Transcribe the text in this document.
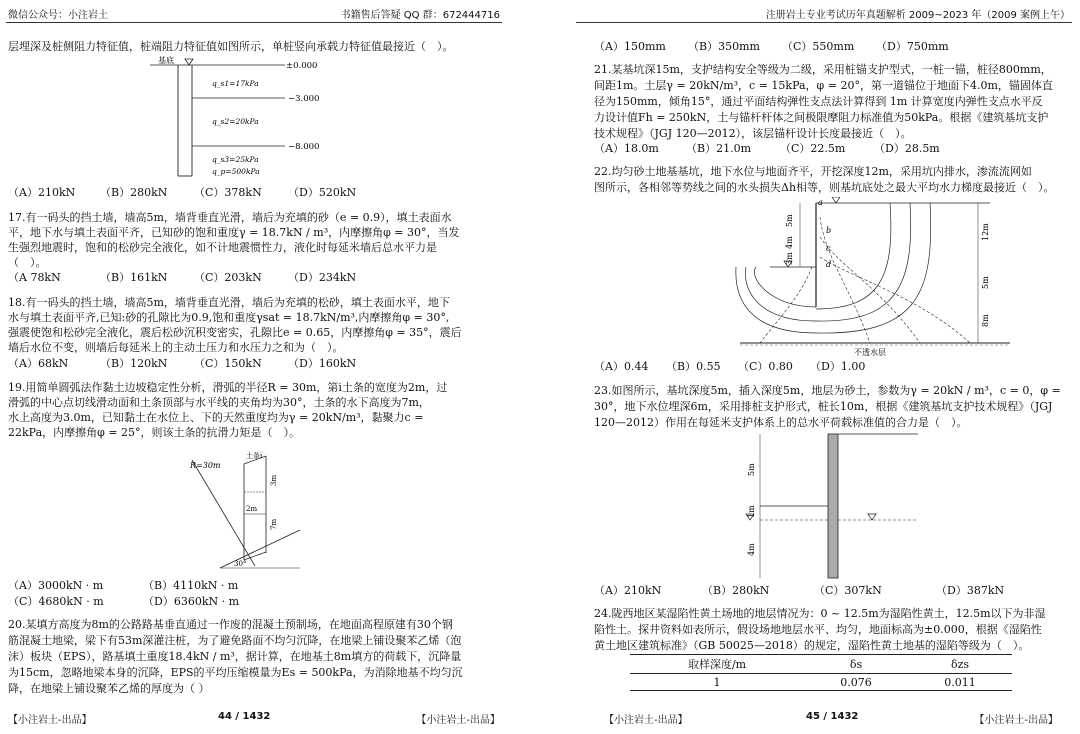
微信公众号：小注岩土	书籍售后答疑 QQ 群：672444716
层埋深及桩侧阻力特征值，桩端阻力特征值如图所示，单桩竖向承载力特征值最接近（　）。
基底
±0.000
−3.000
−8.000
q_s1=17kPa
q_s2=20kPa
q_s3=25kPa
q_p=500kPa
（A）210kN （B）280kN （C）378kN （D）520kN
17.有一码头的挡土墙，墙高5m，墙背垂直光滑，墙后为充填的砂（e = 0.9），填土表面水
平，地下水与填土表面平齐，已知砂的饱和重度γ = 18.7kN / m³，内摩擦角φ = 30°，当发
生强烈地震时，饱和的松砂完全液化，如不计地震惯性力，液化时每延米墙后总水平力是
（　）。
（A 78kN	（B）161kN （C）203kN （D）234kN
18.有一码头的挡土墙，墙高5m，墙背垂直光滑，墙后为充填的松砂，填土表面水平，地下
水与填土表面平齐,已知:砂的孔隙比为0.9,饱和重度γsat = 18.7kN/m³,内摩擦角φ = 30°,
强震使饱和松砂完全液化，震后松砂沉积变密实，孔隙比e = 0.65，内摩擦角φ = 35°，震后
墙后水位不变，则墙后每延米上的主动土压力和水压力之和为（　）。
（A）68kN	（B）120kN （C）150kN （D）160kN
19.用简单圆弧法作黏土边坡稳定性分析，滑弧的半径R = 30m，第i土条的宽度为2m，过
滑弧的中心点切线滑动面和土条顶部与水平线的夹角均为30°，土条的水下高度为7m，
水上高度为3.0m，已知黏土在水位上、下的天然重度均为γ = 20kN/m³，黏聚力c =
22kPa，内摩擦角φ = 25°，则该土条的抗滑力矩是（　）。
R=30m
土条i
3m
7m
2m
30°
（A）3000kN · m	（B）4110kN · m
（C）4680kN · m	（D）6360kN · m
20.某填方高度为8m的公路路基垂直通过一作废的混凝土预制场，在地面高程原建有30个钢
筋混凝土地梁，梁下有53m深灌注桩，为了避免路面不均匀沉降，在地梁上铺设聚苯乙烯（泡
沫）板块（EPS），路基填土重度18.4kN / m³，据计算，在地基土8m填方的荷载下，沉降量
为15cm，忽略地梁本身的沉降，EPS的平均压缩模量为Es = 500kPa，为消除地基不均匀沉
降，在地梁上铺设聚苯乙烯的厚度为（ ）
【小注岩土-出品】	44 / 1432	【小注岩土-出品】
注册岩土专业考试历年真题解析 2009~2023 年（2009 案例上午）
（A）150mm （B）350mm （C）550mm （D）750mm
21.某基坑深15m，支护结构安全等级为二级，采用桩锚支护型式，一桩一锚，桩径800mm，
间距1m。土层γ = 20kN/m³，c = 15kPa，φ = 20°，第一道锚位于地面下4.0m，锚固体直
径为150mm，倾角15°，通过平面结构弹性支点法计算得到 1m 计算宽度内弹性支点水平反
力设计值Fh = 250kN，土与锚杆杆体之间极限摩阻力标准值为50kPa。根据《建筑基坑支护
技术规程》（JGJ 120—2012），该层锚杆设计长度最接近（　）。
（A）18.0m （B）21.0m	（C）22.5m	（D）28.5m
22.均匀砂土地基基坑，地下水位与地面齐平，开挖深度12m，采用坑内排水，渗流流网如
图所示，各相邻等势线之间的水头损失Δh相等，则基坑底处之最大平均水力梯度最接近（　）。
a
b
c
d
5m
4m
3m
12m
5m
8m
不透水层
（A）0.44 （B）0.55 （C）0.80 （D）1.00
23.如图所示，基坑深度5m，插入深度5m，地层为砂土，参数为γ = 20kN / m³，c = 0，φ =
30°，地下水位埋深6m，采用排桩支护形式，桩长10m，根据《建筑基坑支护技术规程》（JGJ
120—2012）作用在每延米支护体系上的总水平荷载标准值的合力是（　）。
5m
1m
4m
（A）210kN	（B）280kN	（C）307kN	（D）387kN
24.陇西地区某湿陷性黄土场地的地层情况为：0 ~ 12.5m为湿陷性黄土，12.5m以下为非湿
陷性土。探井资料如表所示，假设场地地层水平、均匀，地面标高为±0.000，根据《湿陷性
黄土地区建筑标准》（GB 50025—2018）的规定，湿陷性黄土地基的湿陷等级为（　）。
取样深度/m	δs	δzs
1	0.076	0.011
【小注岩土-出品】	45 / 1432	【小注岩土-出品】
